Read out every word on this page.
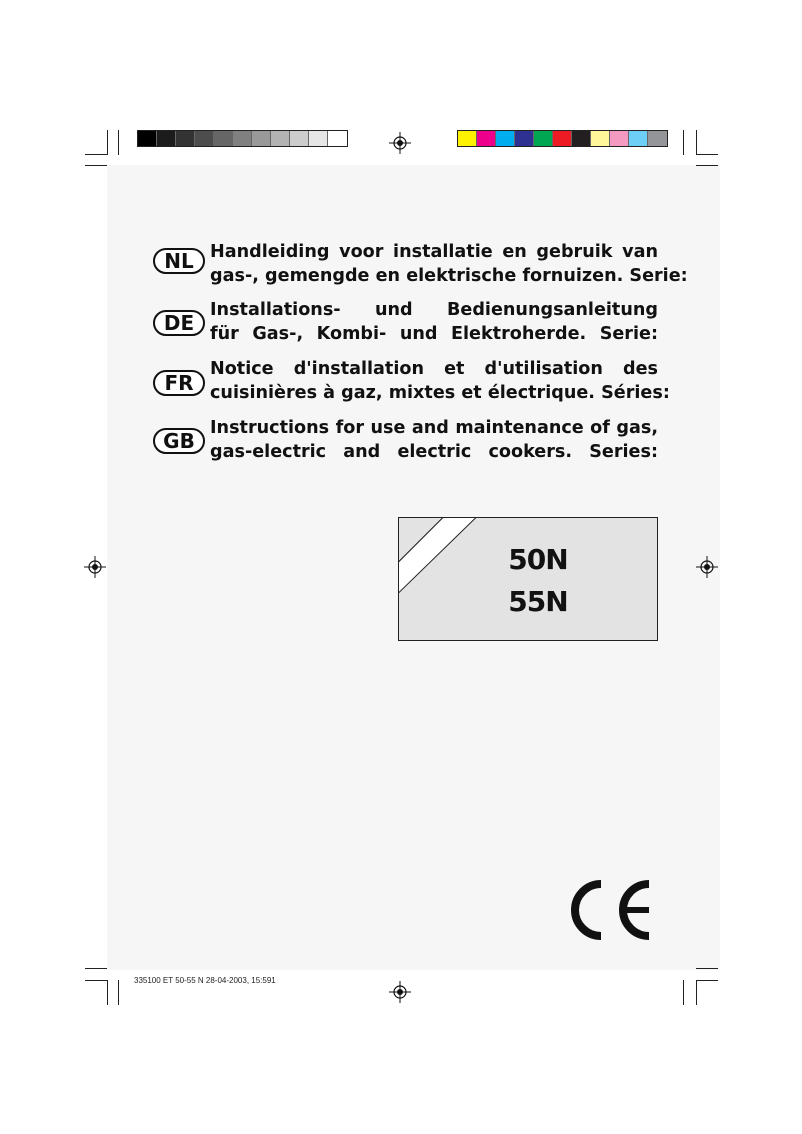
NL Handleiding voor installatie en gebruik van
gas-, gemengde en elektrische fornuizen. Serie:
DE
Installations- und Bedienungsanleitung
für Gas-, Kombi- und Elektroherde. Serie:
FR
Notice d'installation et d'utilisation des
cuisinières à gaz, mixtes et électrique. Séries:
GB
Instructions for use and maintenance of gas,
gas-electric and electric cookers. Series:
50N
55N
335100 ET 50-55 N 28-04-2003, 15:591
